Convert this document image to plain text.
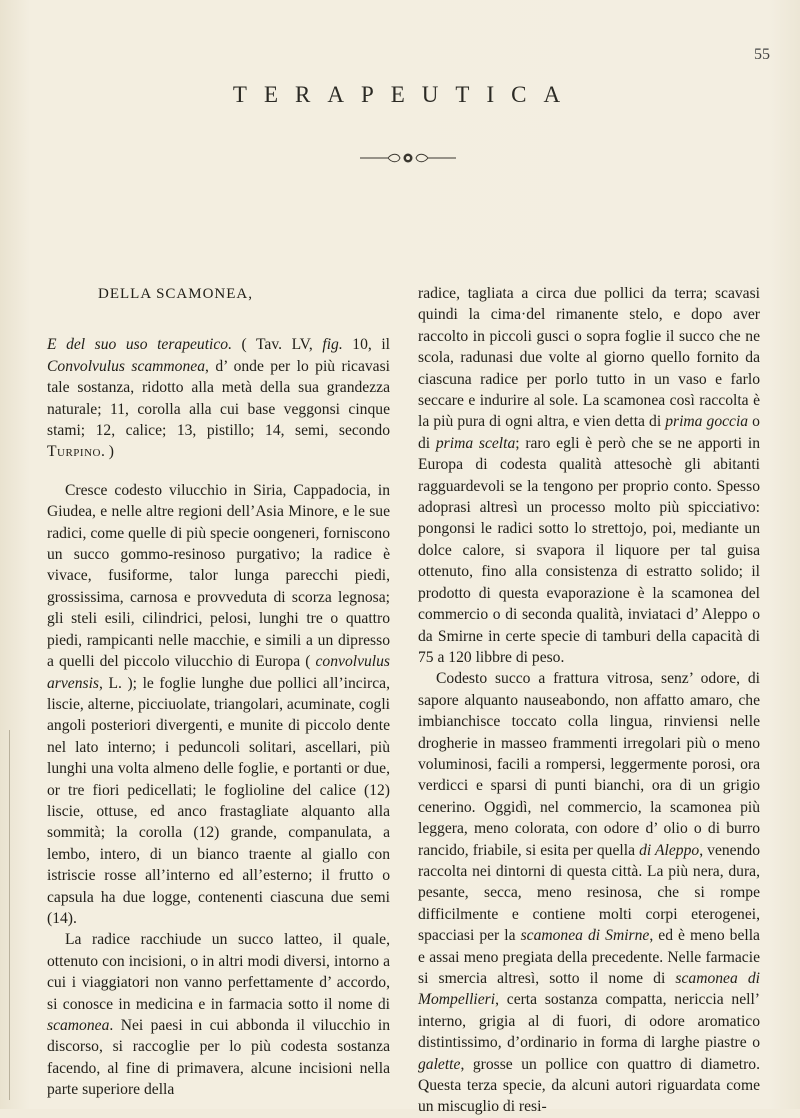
55
TERAPEUTICA
DELLA SCAMONEA,

E del suo uso terapeutico. ( Tav. LV, fig. 10, il Convolvulus scammonea, d’ onde per lo più ricavasi tale sostanza, ridotto alla metà della sua grandezza naturale; 11, corolla alla cui base veggonsi cinque stami; 12, calice; 13, pistillo; 14, semi, secondo Turpino. )

Cresce codesto vilucchio in Siria, Cappadocia, in Giudea, e nelle altre regioni dell’Asia Minore, e le sue radici, come quelle di più specie oongeneri, forniscono un succo gommo-resinoso purgativo; la radice è vivace, fusiforme, talor lunga parecchi piedi, grossissima, carnosa e provveduta di scorza legnosa; gli steli esili, cilindrici, pelosi, lunghi tre o quattro piedi, rampicanti nelle macchie, e simili a un dipresso a quelli del piccolo vilucchio di Europa ( convolvulus arvensis, L. ); le foglie lunghe due pollici all’incirca, liscie, alterne, picciuolate, triangolari, acuminate, cogli angoli posteriori divergenti, e munite di piccolo dente nel lato interno; i peduncoli solitari, ascellari, più lunghi una volta almeno delle foglie, e portanti or due, or tre fiori pedicellati; le foglioline del calice (12) liscie, ottuse, ed anco frastagliate alquanto alla sommità; la corolla (12) grande, companulata, a lembo, intero, di un bianco traente al giallo con istriscie rosse all’interno ed all’esterno; il frutto o capsula ha due logge, contenenti ciascuna due semi (14).

La radice racchiude un succo latteo, il quale, ottenuto con incisioni, o in altri modi diversi, intorno a cui i viaggiatori non vanno perfettamente d’ accordo, si conosce in medicina e in farmacia sotto il nome di scamonea. Nei paesi in cui abbonda il vilucchio in discorso, si raccoglie per lo più codesta sostanza facendo, al fine di primavera, alcune incisioni nella parte superiore della

radice, tagliata a circa due pollici da terra; scavasi quindi la cima·del rimanente stelo, e dopo aver raccolto in piccoli gusci o sopra foglie il succo che ne scola, radunasi due volte al giorno quello fornito da ciascuna radice per porlo tutto in un vaso e farlo seccare e indurire al sole. La scamonea così raccolta è la più pura di ogni altra, e vien detta di prima goccia o di prima scelta; raro egli è però che se ne apporti in Europa di codesta qualità attesochè gli abitanti ragguardevoli se la tengono per proprio conto. Spesso adoprasi altresì un processo molto più spicciativo: pongonsi le radici sotto lo strettojo, poi, mediante un dolce calore, si svapora il liquore per tal guisa ottenuto, fino alla consistenza di estratto solido; il prodotto di questa evaporazione è la scamonea del commercio o di seconda qualità, inviataci d’ Aleppo o da Smirne in certe specie di tamburi della capacità di 75 a 120 libbre di peso.

Codesto succo a frattura vitrosa, senz’ odore, di sapore alquanto nauseabondo, non affatto amaro, che imbianchisce toccato colla lingua, rinviensi nelle drogherie in masseo frammenti irregolari più o meno voluminosi, facili a rompersi, leggermente porosi, ora verdicci e sparsi di punti bianchi, ora di un grigio cenerino. Oggidì, nel commercio, la scamonea più leggera, meno colorata, con odore d’ olio o di burro rancido, friabile, si esita per quella di Aleppo, venendo raccolta nei dintorni di questa città. La più nera, dura, pesante, secca, meno resinosa, che si rompe difficilmente e contiene molti corpi eterogenei, spacciasi per la scamonea di Smirne, ed è meno bella e assai meno pregiata della precedente. Nelle farmacie si smercia altresì, sotto il nome di scamonea di Mompellieri, certa sostanza compatta, nericcia nell’ interno, grigia al di fuori, di odore aromatico distintissimo, d’ordinario in forma di larghe piastre o galette, grosse un pollice con quattro di diametro. Questa terza specie, da alcuni autori riguardata come un miscuglio di resi-
